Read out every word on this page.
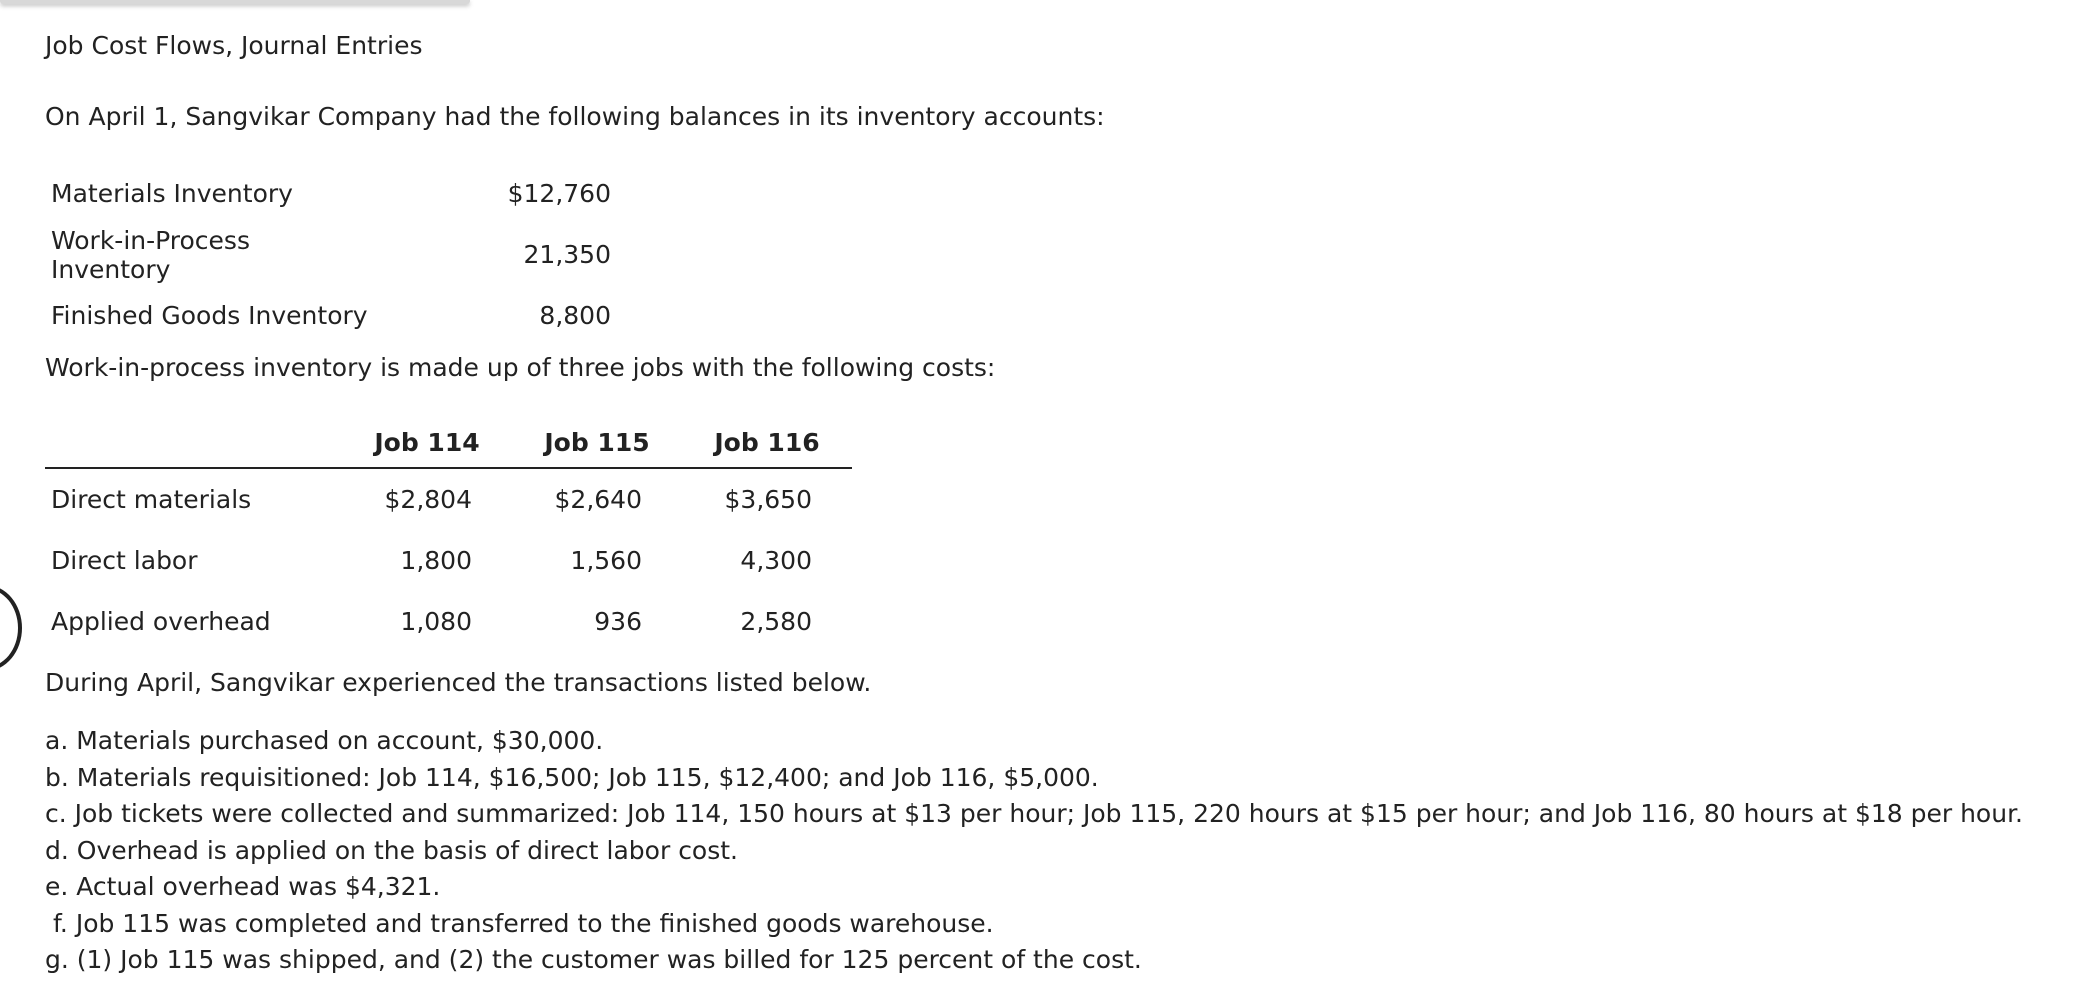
Job Cost Flows, Journal Entries
On April 1, Sangvikar Company had the following balances in its inventory accounts:
Materials Inventory	$12,760
Work-in-Process Inventory	21,350
Finished Goods Inventory	8,800
Work-in-process inventory is made up of three jobs with the following costs:
Job 114	Job 115	Job 116
Direct materials	$2,804	$2,640	$3,650
Direct labor	1,800	1,560	4,300
Applied overhead	1,080	936	2,580
During April, Sangvikar experienced the transactions listed below.
a. Materials purchased on account, $30,000.
b. Materials requisitioned: Job 114, $16,500; Job 115, $12,400; and Job 116, $5,000.
c. Job tickets were collected and summarized: Job 114, 150 hours at $13 per hour; Job 115, 220 hours at $15 per hour; and Job 116, 80 hours at $18 per hour.
d. Overhead is applied on the basis of direct labor cost.
e. Actual overhead was $4,321.
f. Job 115 was completed and transferred to the finished goods warehouse.
g. (1) Job 115 was shipped, and (2) the customer was billed for 125 percent of the cost.
